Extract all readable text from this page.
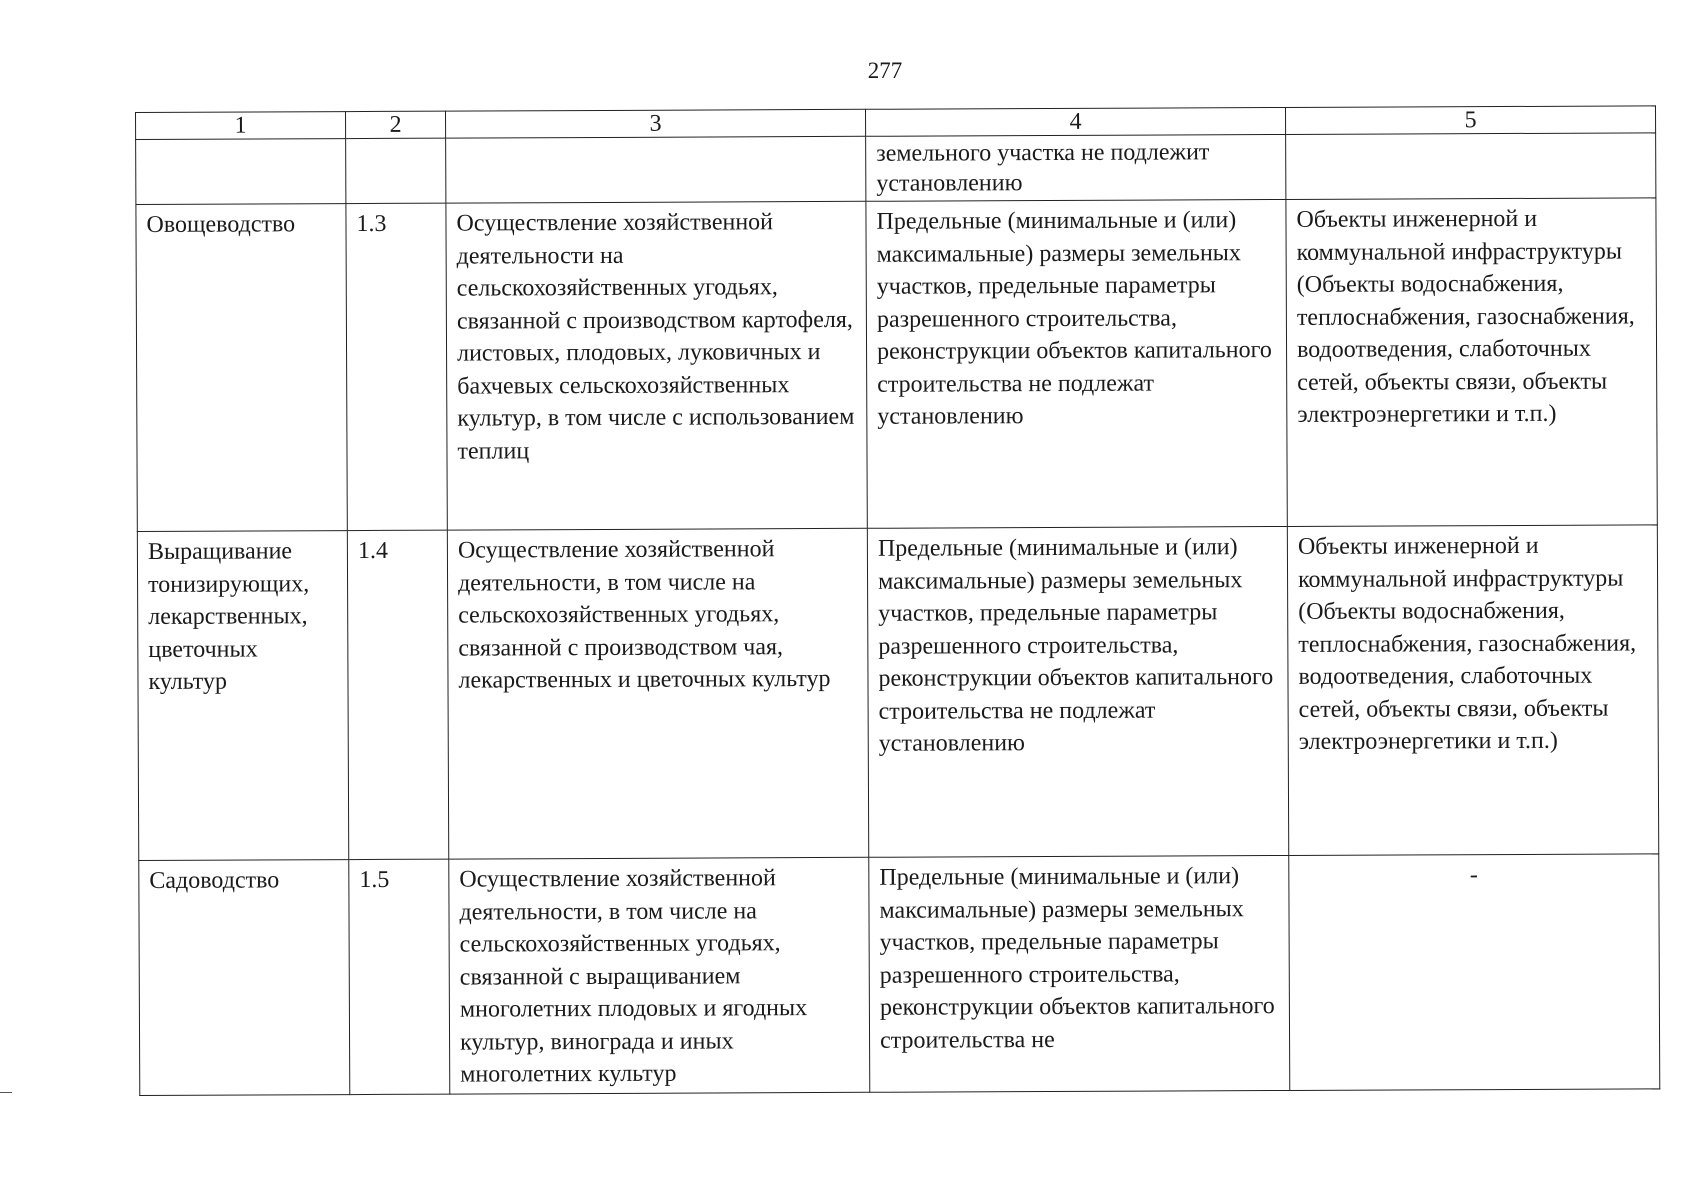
277
1	2	3	4	5
			земельного участка не подлежит установлению	
Овощеводство	1.3	Осуществление хозяйственной деятельности на сельскохозяйственных угодьях, связанной с производством картофеля, листовых, плодовых, луковичных и бахчевых сельскохозяйственных культур, в том числе с использованием теплиц	Предельные (минимальные и (или) максимальные) размеры земельных участков, предельные параметры разрешенного строительства, реконструкции объектов капитального строительства не подлежат установлению	Объекты инженерной и коммунальной инфраструктуры (Объекты водоснабжения, теплоснабжения, газоснабжения, водоотведения, слаботочных сетей, объекты связи, объекты электроэнергетики и т.п.)
Выращивание тонизирующих, лекарственных, цветочных культур	1.4	Осуществление хозяйственной деятельности, в том числе на сельскохозяйственных угодьях, связанной с производством чая, лекарственных и цветочных культур	Предельные (минимальные и (или) максимальные) размеры земельных участков, предельные параметры разрешенного строительства, реконструкции объектов капитального строительства не подлежат установлению	Объекты инженерной и коммунальной инфраструктуры (Объекты водоснабжения, теплоснабжения, газоснабжения, водоотведения, слаботочных сетей, объекты связи, объекты электроэнергетики и т.п.)
Садоводство	1.5	Осуществление хозяйственной деятельности, в том числе на сельскохозяйственных угодьях, связанной с выращиванием многолетних плодовых и ягодных культур, винограда и иных многолетних культур	Предельные (минимальные и (или) максимальные) размеры земельных участков, предельные параметры разрешенного строительства, реконструкции объектов капитального строительства не	-
